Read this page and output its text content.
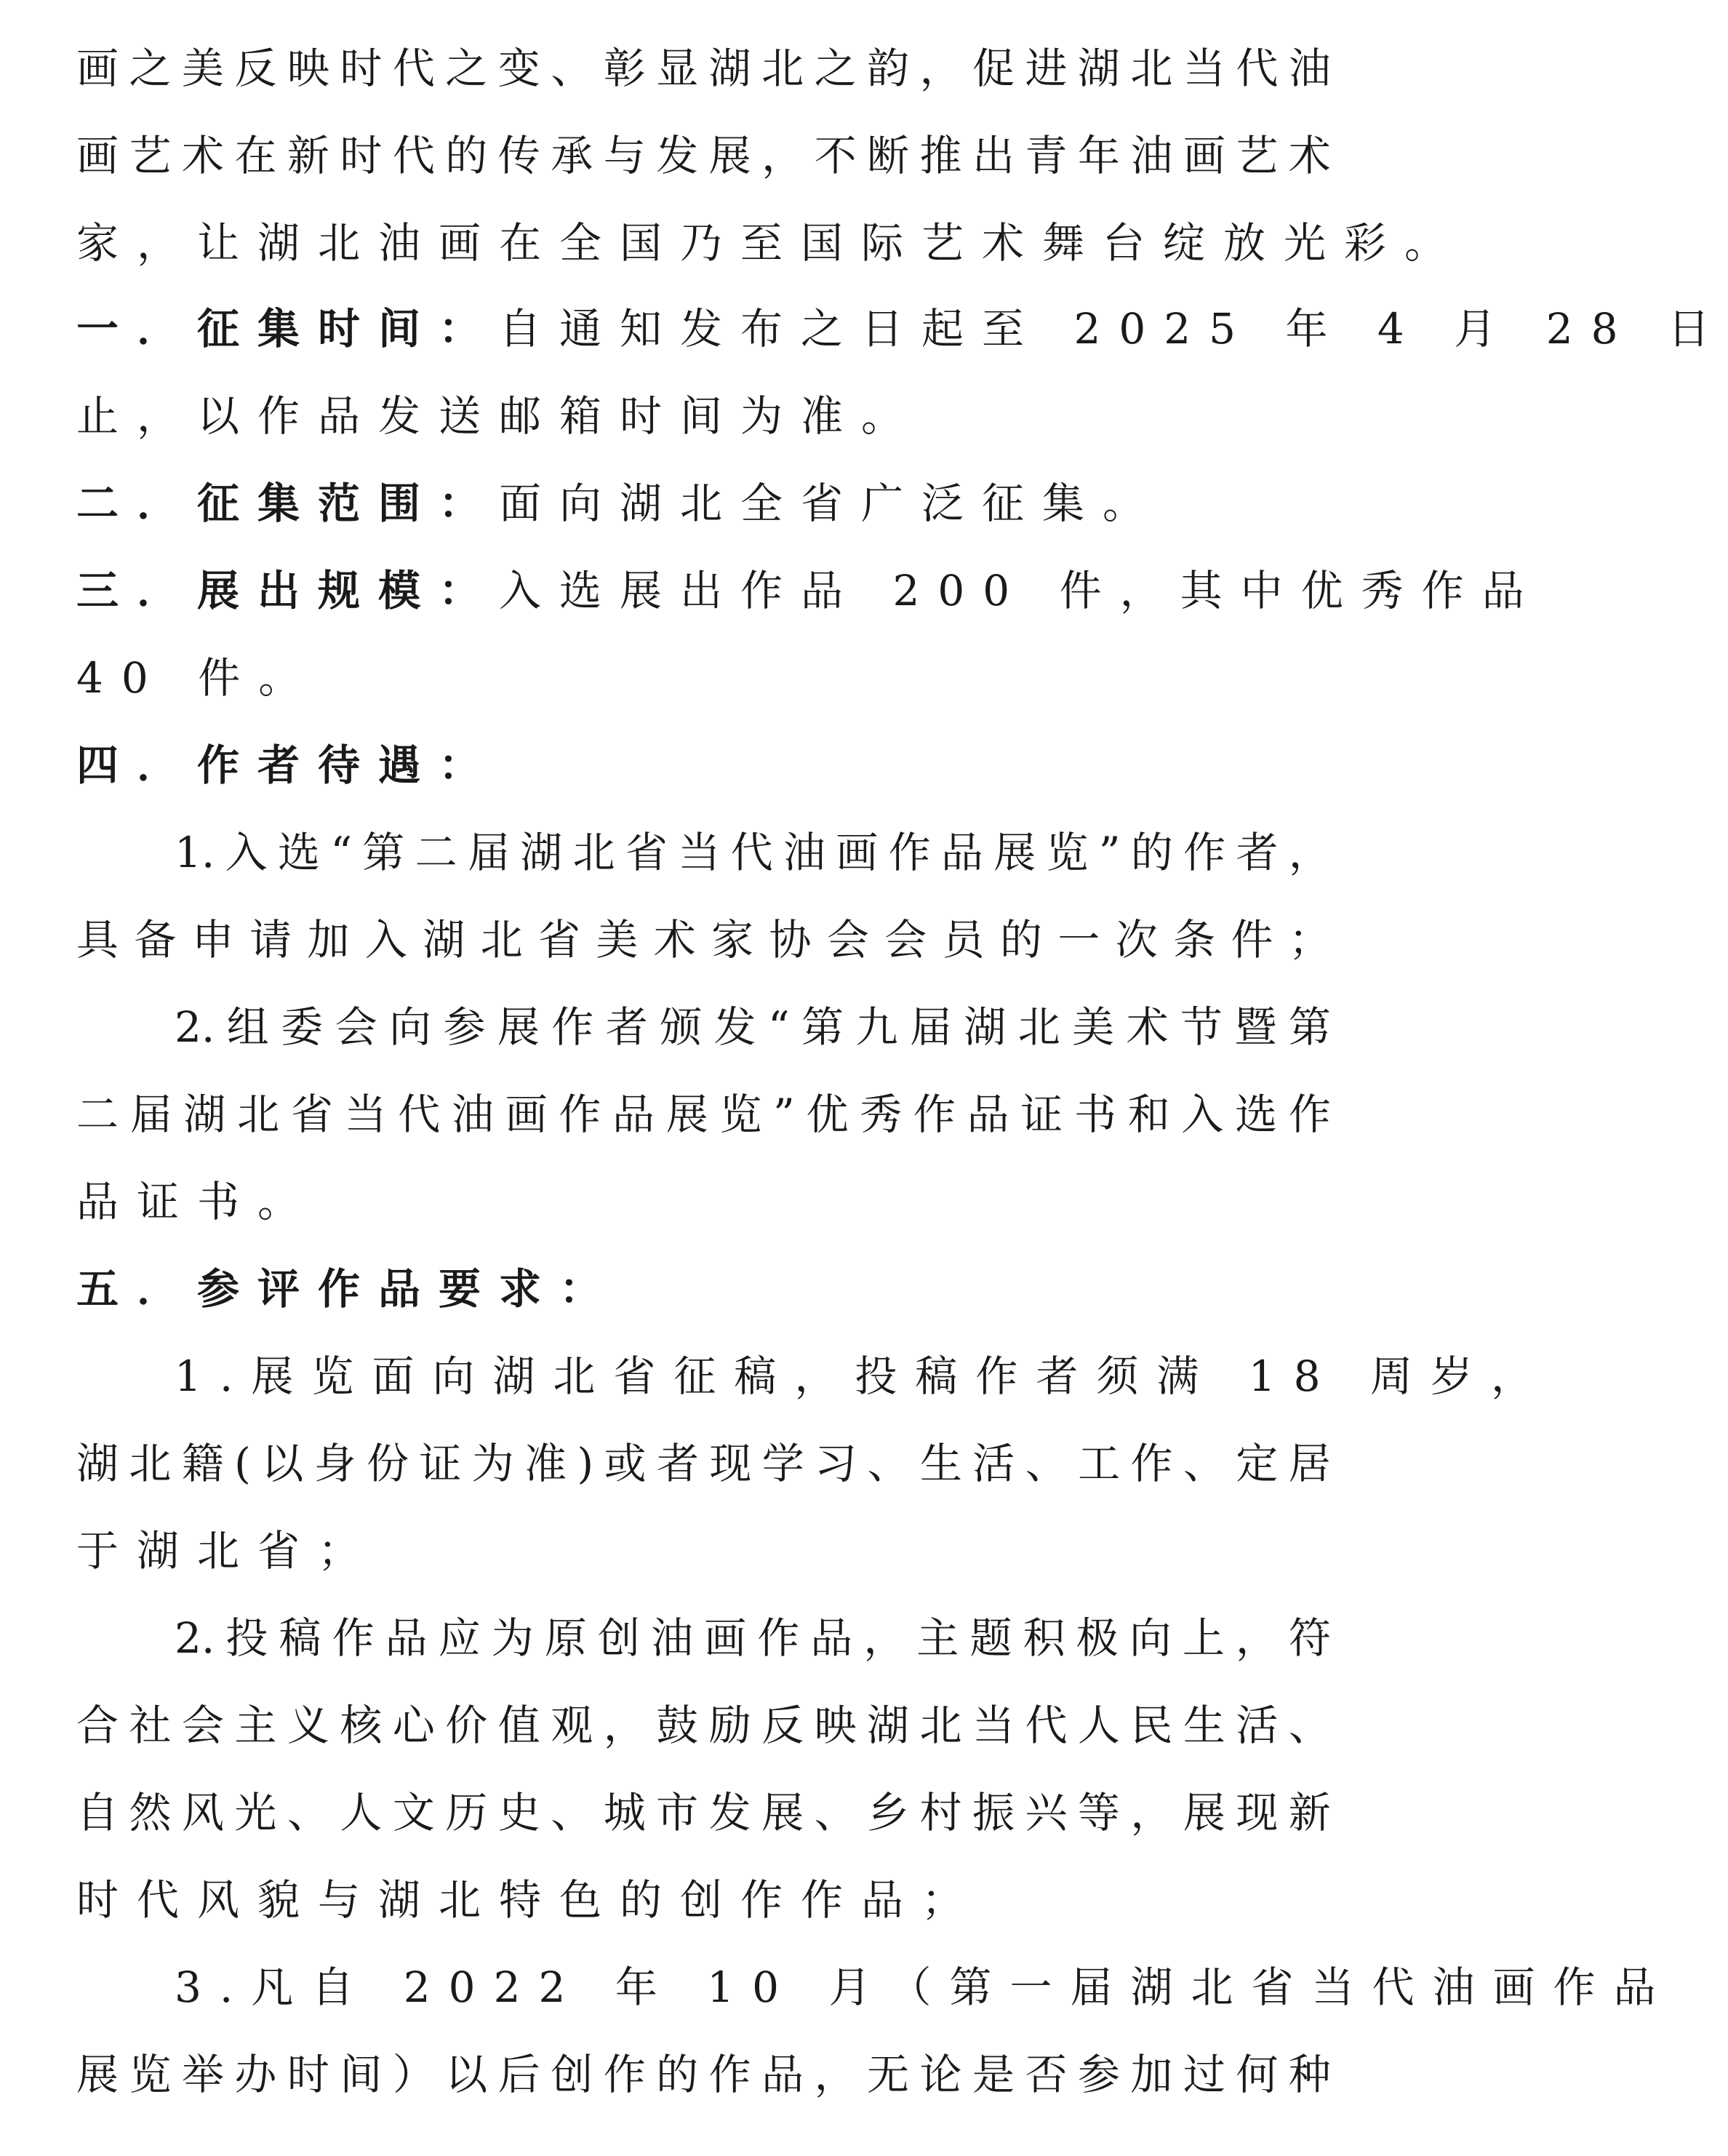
画 之 美 反 映 时 代 之 变 、 彰 显 湖 北 之 韵 ， 促 进 湖 北 当 代 油
画 艺 术 在 新 时 代 的 传 承 与 发 展 ， 不 断 推 出 青 年 油 画 艺 术
家，让湖北油画在全国乃至国际艺术舞台绽放光彩。
一．征集时间：自通知发布之日起至 2025 年 4 月 28 日
止，以作品发送邮箱时间为准。
二．征集范围：面向湖北全省广泛征集。
三．展出规模：入选展出作品 200 件，其中优秀作品
40 件。
四．作者待遇：
1. 入 选 “ 第 二 届 湖 北 省 当 代 油 画 作 品 展 览 ” 的 作 者 ，
具 备 申 请 加 入 湖 北 省 美 术 家 协 会 会 员 的 一 次 条 件 ；
2. 组 委 会 向 参 展 作 者 颁 发 “ 第 九 届 湖 北 美 术 节 暨 第
二 届 湖 北 省 当 代 油 画 作 品 展 览 ” 优 秀 作 品 证 书 和 入 选 作
品证书。
五．参评作品要求：
1.展览面向湖北省征稿，投稿作者须满 18 周岁，
湖 北 籍 ( 以 身 份 证 为 准 ) 或 者 现 学 习 、 生 活 、 工 作 、 定 居
于湖北省；
2. 投 稿 作 品 应 为 原 创 油 画 作 品 ， 主 题 积 极 向 上 ， 符
合 社 会 主 义 核 心 价 值 观 ， 鼓 励 反 映 湖 北 当 代 人 民 生 活 、
自 然 风 光 、 人 文 历 史 、 城 市 发 展 、 乡 村 振 兴 等 ， 展 现 新
时代风貌与湖北特色的创作作品；
3.凡自 2022 年 10 月（第一届湖北省当代油画作品
展 览 举 办 时 间 ） 以 后 创 作 的 作 品 ， 无 论 是 否 参 加 过 何 种
